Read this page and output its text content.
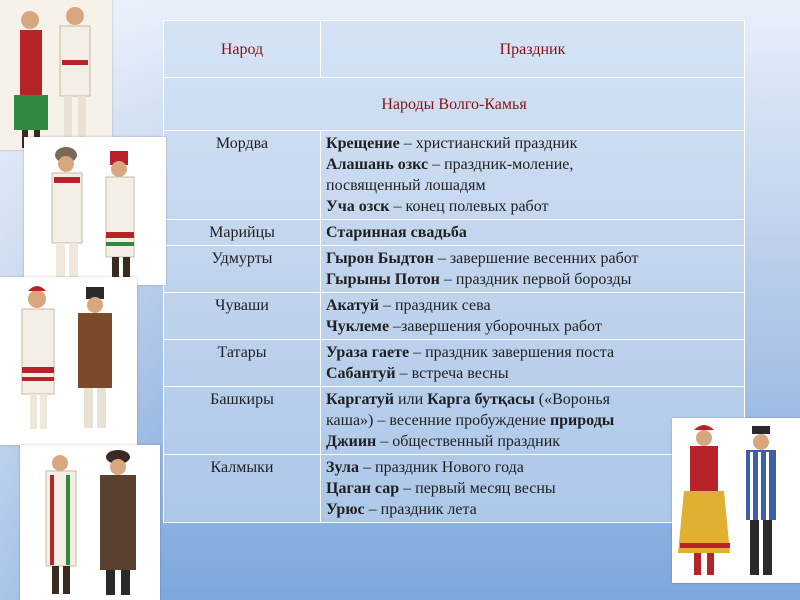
Народ	Праздник
Народы Волго-Камья	
Мордва	Крещение – христианский праздник
Алашань озкс – праздник-моление,
посвященный лошадям
Уча озск – конец полевых работ

Марийцы	Старинная свадьба

Удмурты	Гырон Быдтон – завершение весенних работ
Гырыны Потон – праздник первой борозды

Чуваши	Акатуй – праздник сева
Чуклеме –завершения уборочных работ

Татары	Ураза гаете – праздник завершения поста
Сабантуй – встреча весны

Башкиры	Каргатуй или Карга бутқасы («Воронья
каша») – весенние пробуждение природы
Джиин – общественный праздник

Калмыки	Зула – праздник Нового года
Цаган сар – первый месяц весны
Урюс – праздник лета
